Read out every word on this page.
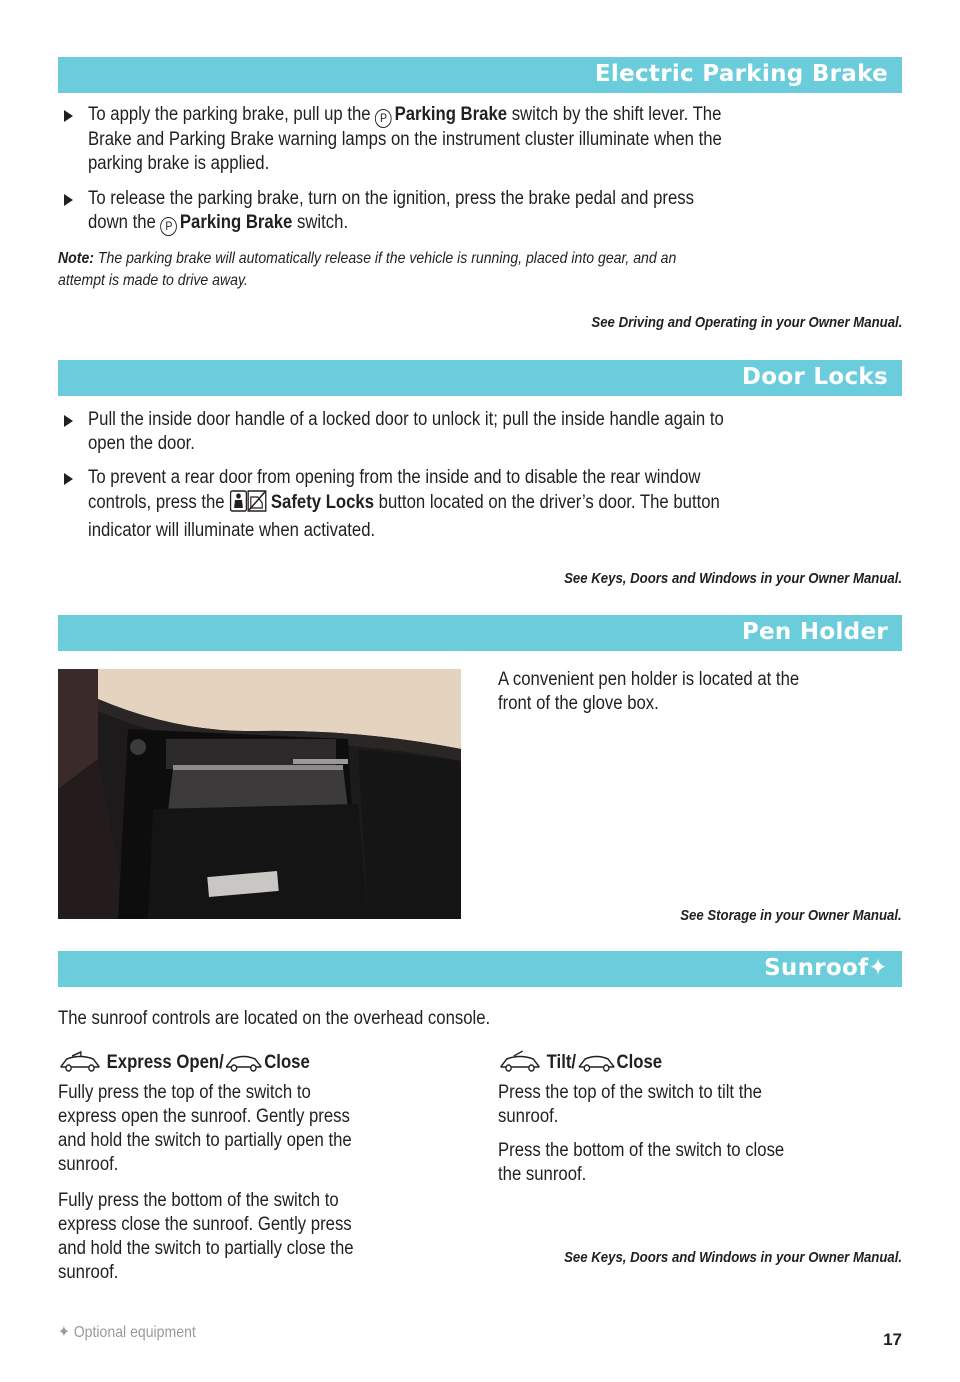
Electric Parking Brake
To apply the parking brake, pull up the P Parking Brake switch by the shift lever. The
Brake and Parking Brake warning lamps on the instrument cluster illuminate when the
parking brake is applied.
To release the parking brake, turn on the ignition, press the brake pedal and press
down the P Parking Brake switch.
Note: The parking brake will automatically release if the vehicle is running, placed into gear, and an
attempt is made to drive away.
See Driving and Operating in your Owner Manual.
Door Locks
Pull the inside door handle of a locked door to unlock it; pull the inside handle again to
open the door.
To prevent a rear door from opening from the inside and to disable the rear window
controls, press the  Safety Locks button located on the driver’s door. The button
indicator will illuminate when activated.
See Keys, Doors and Windows in your Owner Manual.
Pen Holder
A convenient pen holder is located at the
front of the glove box.
See Storage in your Owner Manual.
Sunroof✦
The sunroof controls are located on the overhead console.
Express Open/ Close
Fully press the top of the switch to
express open the sunroof. Gently press
and hold the switch to partially open the
sunroof.
Fully press the bottom of the switch to
express close the sunroof. Gently press
and hold the switch to partially close the
sunroof.
Tilt/ Close
Press the top of the switch to tilt the
sunroof.
Press the bottom of the switch to close
the sunroof.
See Keys, Doors and Windows in your Owner Manual.
✦ Optional equipment	17
